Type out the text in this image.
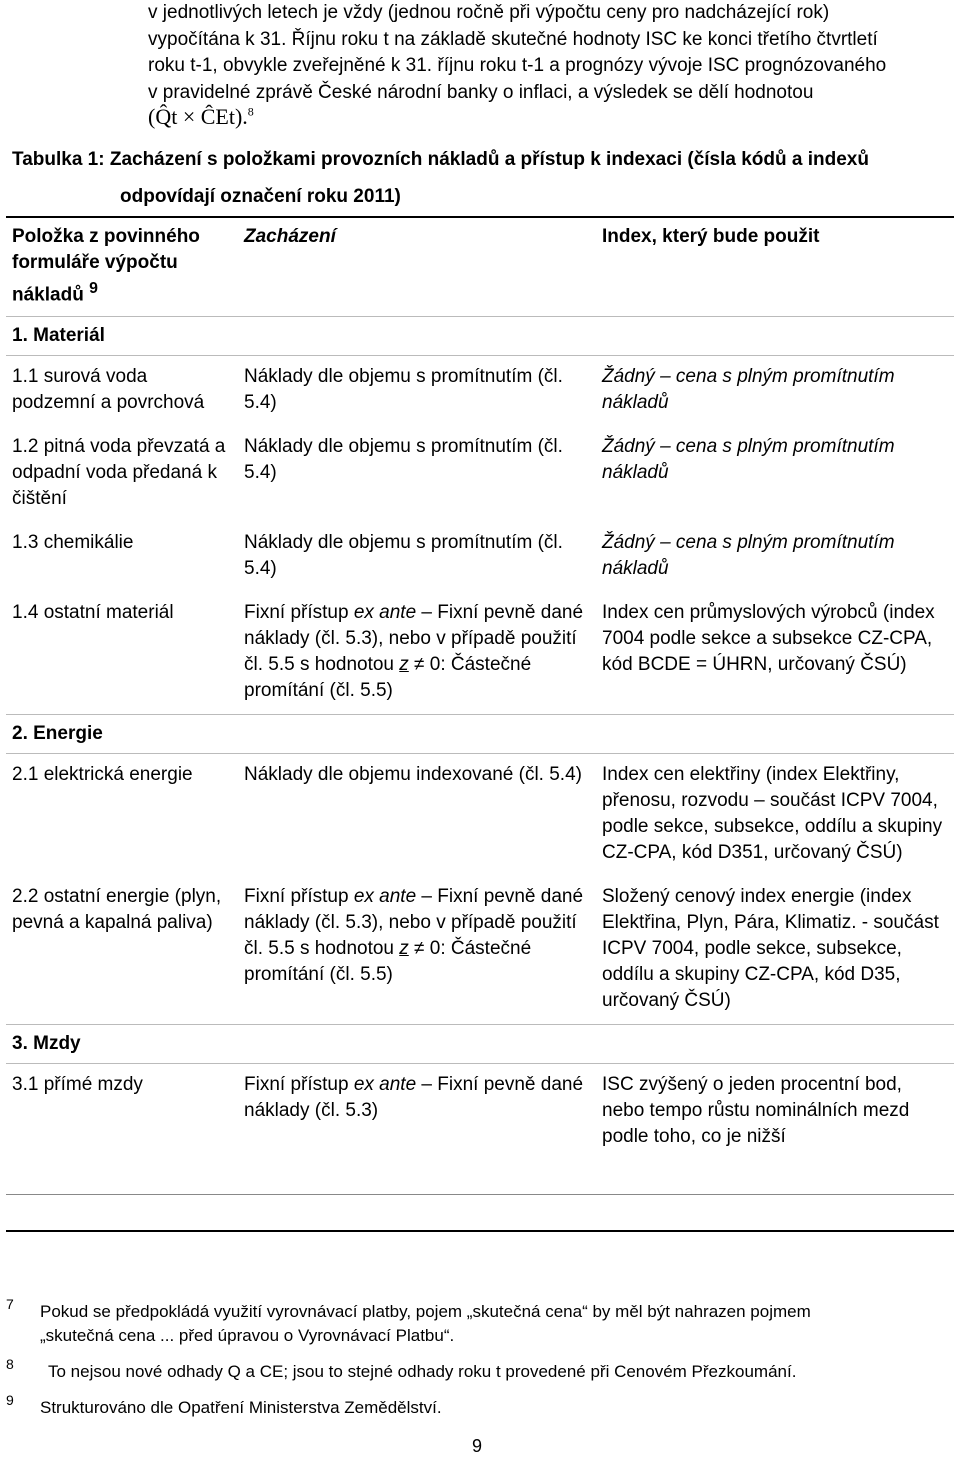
v jednotlivých letech je vždy (jednou ročně při výpočtu ceny pro nadcházející rok)
vypočítána k 31. Říjnu roku t na základě skutečné hodnoty ISC ke konci třetího čtvrtletí
roku t-1, obvykle zveřejněné k 31. říjnu roku t-1 a prognózy vývoje ISC prognózovaného
v pravidelné zprávě České národní banky o inflaci, a výsledek se dělí hodnotou
(Q̂t × ĈEt).$^8$
Tabulka 1: Zacházení s položkami provozních nákladů a přístup k indexaci (čísla kódů a indexů
odpovídají označení roku 2011)
Položka z povinného formuláře výpočtu nákladů $^9$	Zacházení	Index, který bude použit
1. Materiál		
1.1 surová voda podzemní a povrchová	Náklady dle objemu s promítnutím (čl. 5.4)	Žádný – cena s plným promítnutím nákladů
1.2 pitná voda převzatá a odpadní voda předaná k čištění	Náklady dle objemu s promítnutím (čl. 5.4)	Žádný – cena s plným promítnutím nákladů
1.3 chemikálie	Náklady dle objemu s promítnutím (čl. 5.4)	Žádný – cena s plným promítnutím nákladů
1.4 ostatní materiál	Fixní přístup ex ante – Fixní pevně dané náklady (čl. 5.3), nebo v případě použití čl. 5.5 s hodnotou z ≠ 0: Částečné promítání (čl. 5.5)	Index cen průmyslových výrobců (index 7004 podle sekce a subsekce CZ-CPA, kód BCDE = ÚHRN, určovaný ČSÚ)
2. Energie		
2.1 elektrická energie	Náklady dle objemu indexované (čl. 5.4)	Index cen elektřiny (index Elektřiny, přenosu, rozvodu – součást ICPV 7004, podle sekce, subsekce, oddílu a skupiny CZ-CPA, kód D351, určovaný ČSÚ)
2.2 ostatní energie (plyn, pevná a kapalná paliva)	Fixní přístup ex ante – Fixní pevně dané náklady (čl. 5.3), nebo v případě použití čl. 5.5 s hodnotou z ≠ 0: Částečné promítání (čl. 5.5)	Složený cenový index energie (index Elektřina, Plyn, Pára, Klimatiz. - součást ICPV 7004, podle sekce, subsekce, oddílu a skupiny CZ-CPA, kód D35, určovaný ČSÚ)
3. Mzdy		
3.1 přímé mzdy	Fixní přístup ex ante – Fixní pevně dané náklady (čl. 5.3)	ISC zvýšený o jeden procentní bod, nebo tempo růstu nominálních mezd podle toho, co je nižší
7 Pokud se předpokládá využití vyrovnávací platby, pojem „skutečná cena“ by měl být nahrazen pojmem
„skutečná cena ... před úpravou o Vyrovnávací Platbu“.
8 To nejsou nové odhady Q a CE; jsou to stejné odhady roku t provedené při Cenovém Přezkoumání.
9 Strukturováno dle Opatření Ministerstva Zemědělství.
9
